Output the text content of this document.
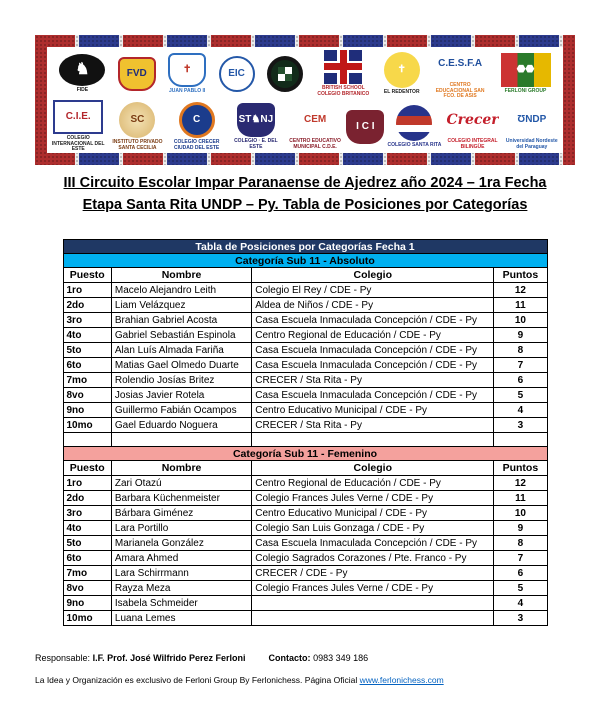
♞
FIDE
FVD	✝
JUAN PABLO II
EIC
BRITISH SCHOOL COLEGIO BRITANICO
✝
EL REDENTOR
C.E.S.F.A
CENTRO EDUCACIONAL SAN FCO. DE ASIS
⬣⬣
FERLONI GROUP
C.I.E.
COLEGIO INTERNACIONAL DEL ESTE
SC
INSTITUTO PRIVADO SANTA CECILIA
C
COLEGIO CRECER CIUDAD DEL ESTE
ST♞NJ
COLEGIO · E. DEL ESTE
CEM
CENTRO EDUCATIVO MUNICIPAL C.D.E.
I C I
COLEGIO SANTA RITA
Crecer
COLEGIO INTEGRAL BILINGÜE
ƱNDP
Universidad Nordeste del Paraguay
III Circuito Escolar Impar Paranaense de Ajedrez año 2024 – 1ra Fecha
Etapa Santa Rita UNDP – Py. Tabla de Posiciones por Categorías
Tabla de Posiciones por Categorías Fecha 1			
Categoría Sub 11 - Absoluto			
Puesto	Nombre	Colegio	Puntos
1ro	Macelo Alejandro Leith	Colegio El Rey / CDE - Py	12
2do	Liam Velázquez	Aldea de Niños / CDE - Py	11
3ro	Brahian Gabriel Acosta	Casa Escuela Inmaculada Concepción / CDE - Py	10
4to	Gabriel Sebastián Espinola	Centro Regional de Educación / CDE - Py	9
5to	Alan Luís Almada Fariña	Casa Escuela Inmaculada Concepción / CDE - Py	8
6to	Matias Gael Olmedo Duarte	Casa Escuela Inmaculada Concepción / CDE - Py	7
7mo	Rolendio Josías Britez	CRECER / Sta Rita - Py	6
8vo	Josias Javier Rotela	Casa Escuela Inmaculada Concepción / CDE - Py	5
9no	Guillermo Fabián Ocampos	Centro Educativo Municipal / CDE - Py	4
10mo	Gael Eduardo Noguera	CRECER / Sta Rita - Py	3

Categoría Sub 11 - Femenino			
Puesto	Nombre	Colegio	Puntos
1ro	Zari Otazú	Centro Regional de Educación / CDE - Py	12
2do	Barbara Küchenmeister	Colegio Frances Jules Verne / CDE - Py	11
3ro	Bárbara Giménez	Centro Educativo Municipal / CDE - Py	10
4to	Lara Portillo	Colegio San Luis Gonzaga / CDE - Py	9
5to	Marianela González	Casa Escuela Inmaculada Concepción / CDE - Py	8
6to	Amara Ahmed	Colegio Sagrados Corazones / Pte. Franco - Py	7
7mo	Lara Schirrmann	CRECER / CDE - Py	6
8vo	Rayza Meza	Colegio Frances Jules Verne / CDE - Py	5
9no	Isabela Schmeider		4
10mo	Luana Lemes		3
Responsable: I.F. Prof. José Wilfrido Perez Ferloni	Contacto: 0983 349 186
La Idea y Organización es exclusivo de Ferloni Group By Ferlonichess. Página Oficial www.ferlonichess.com
